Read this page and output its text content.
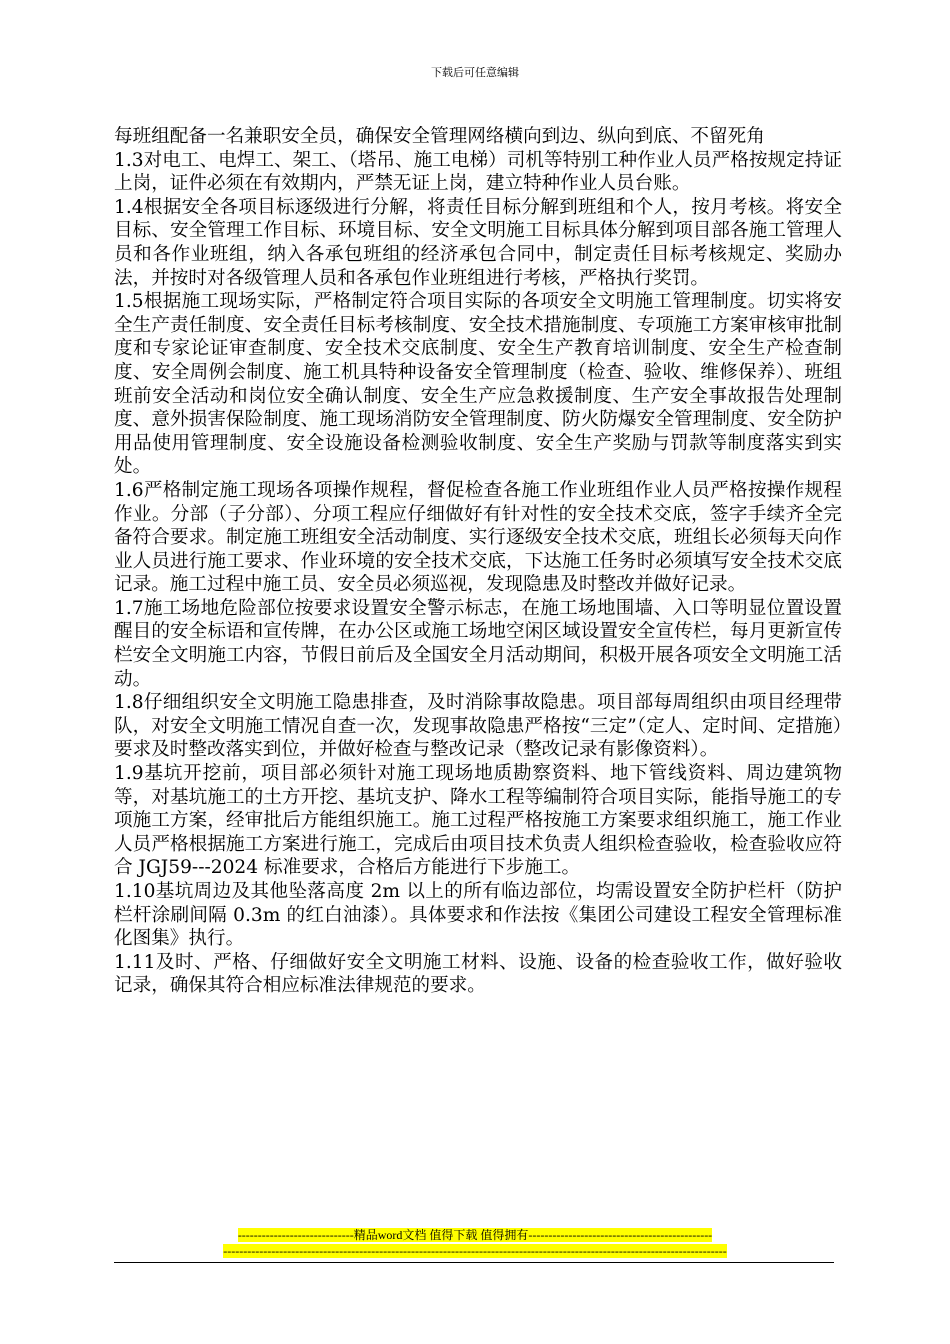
下载后可任意编辑

每班组配备一名兼职安全员，确保安全管理网络横向到边、纵向到底、不留死角

1.3对电工、电焊工、架工、（塔吊、施工电梯）司机等特别工种作业人员严格按规定持证上岗，证件必须在有效期内，严禁无证上岗，建立特种作业人员台账。

1.4根据安全各项目标逐级进行分解，将责任目标分解到班组和个人，按月考核。将安全目标、安全管理工作目标、环境目标、安全文明施工目标具体分解到项目部各施工管理人员和各作业班组，纳入各承包班组的经济承包合同中，制定责任目标考核规定、奖励办法，并按时对各级管理人员和各承包作业班组进行考核，严格执行奖罚。

1.5根据施工现场实际，严格制定符合项目实际的各项安全文明施工管理制度。切实将安全生产责任制度、安全责任目标考核制度、安全技术措施制度、专项施工方案审核审批制度和专家论证审查制度、安全技术交底制度、安全生产教育培训制度、安全生产检查制度、安全周例会制度、施工机具特种设备安全管理制度（检查、验收、维修保养）、班组班前安全活动和岗位安全确认制度、安全生产应急救援制度、生产安全事故报告处理制度、意外损害保险制度、施工现场消防安全管理制度、防火防爆安全管理制度、安全防护用品使用管理制度、安全设施设备检测验收制度、安全生产奖励与罚款等制度落实到实处。

1.6严格制定施工现场各项操作规程，督促检查各施工作业班组作业人员严格按操作规程作业。分部（子分部）、分项工程应仔细做好有针对性的安全技术交底，签字手续齐全完备符合要求。制定施工班组安全活动制度、实行逐级安全技术交底，班组长必须每天向作业人员进行施工要求、作业环境的安全技术交底，下达施工任务时必须填写安全技术交底记录。施工过程中施工员、安全员必须巡视，发现隐患及时整改并做好记录。

1.7施工场地危险部位按要求设置安全警示标志，在施工场地围墙、入口等明显位置设置醒目的安全标语和宣传牌，在办公区或施工场地空闲区域设置安全宣传栏，每月更新宣传栏安全文明施工内容，节假日前后及全国安全月活动期间，积极开展各项安全文明施工活动。

1.8仔细组织安全文明施工隐患排查，及时消除事故隐患。项目部每周组织由项目经理带队，对安全文明施工情况自查一次，发现事故隐患严格按“三定”（定人、定时间、定措施）要求及时整改落实到位，并做好检查与整改记录（整改记录有影像资料）。

1.9基坑开挖前，项目部必须针对施工现场地质勘察资料、地下管线资料、周边建筑物等，对基坑施工的土方开挖、基坑支护、降水工程等编制符合项目实际，能指导施工的专项施工方案，经审批后方能组织施工。施工过程严格按施工方案要求组织施工，施工作业人员严格根据施工方案进行施工，完成后由项目技术负责人组织检查验收，检查验收应符合 JGJ59---2024 标准要求，合格后方能进行下步施工。

1.10基坑周边及其他坠落高度 2m 以上的所有临边部位，均需设置安全防护栏杆（防护栏杆涂刷间隔 0.3m 的红白油漆）。具体要求和作法按《集团公司建设工程安全管理标准化图集》执行。

1.11及时、严格、仔细做好安全文明施工材料、设施、设备的检查验收工作，做好验收记录，确保其符合相应标准法律规范的要求。

-----------------------------精品word文档 值得下载 值得拥有----------------------------------------------
------------------------------------------------------------------------------------------------------------------------------
